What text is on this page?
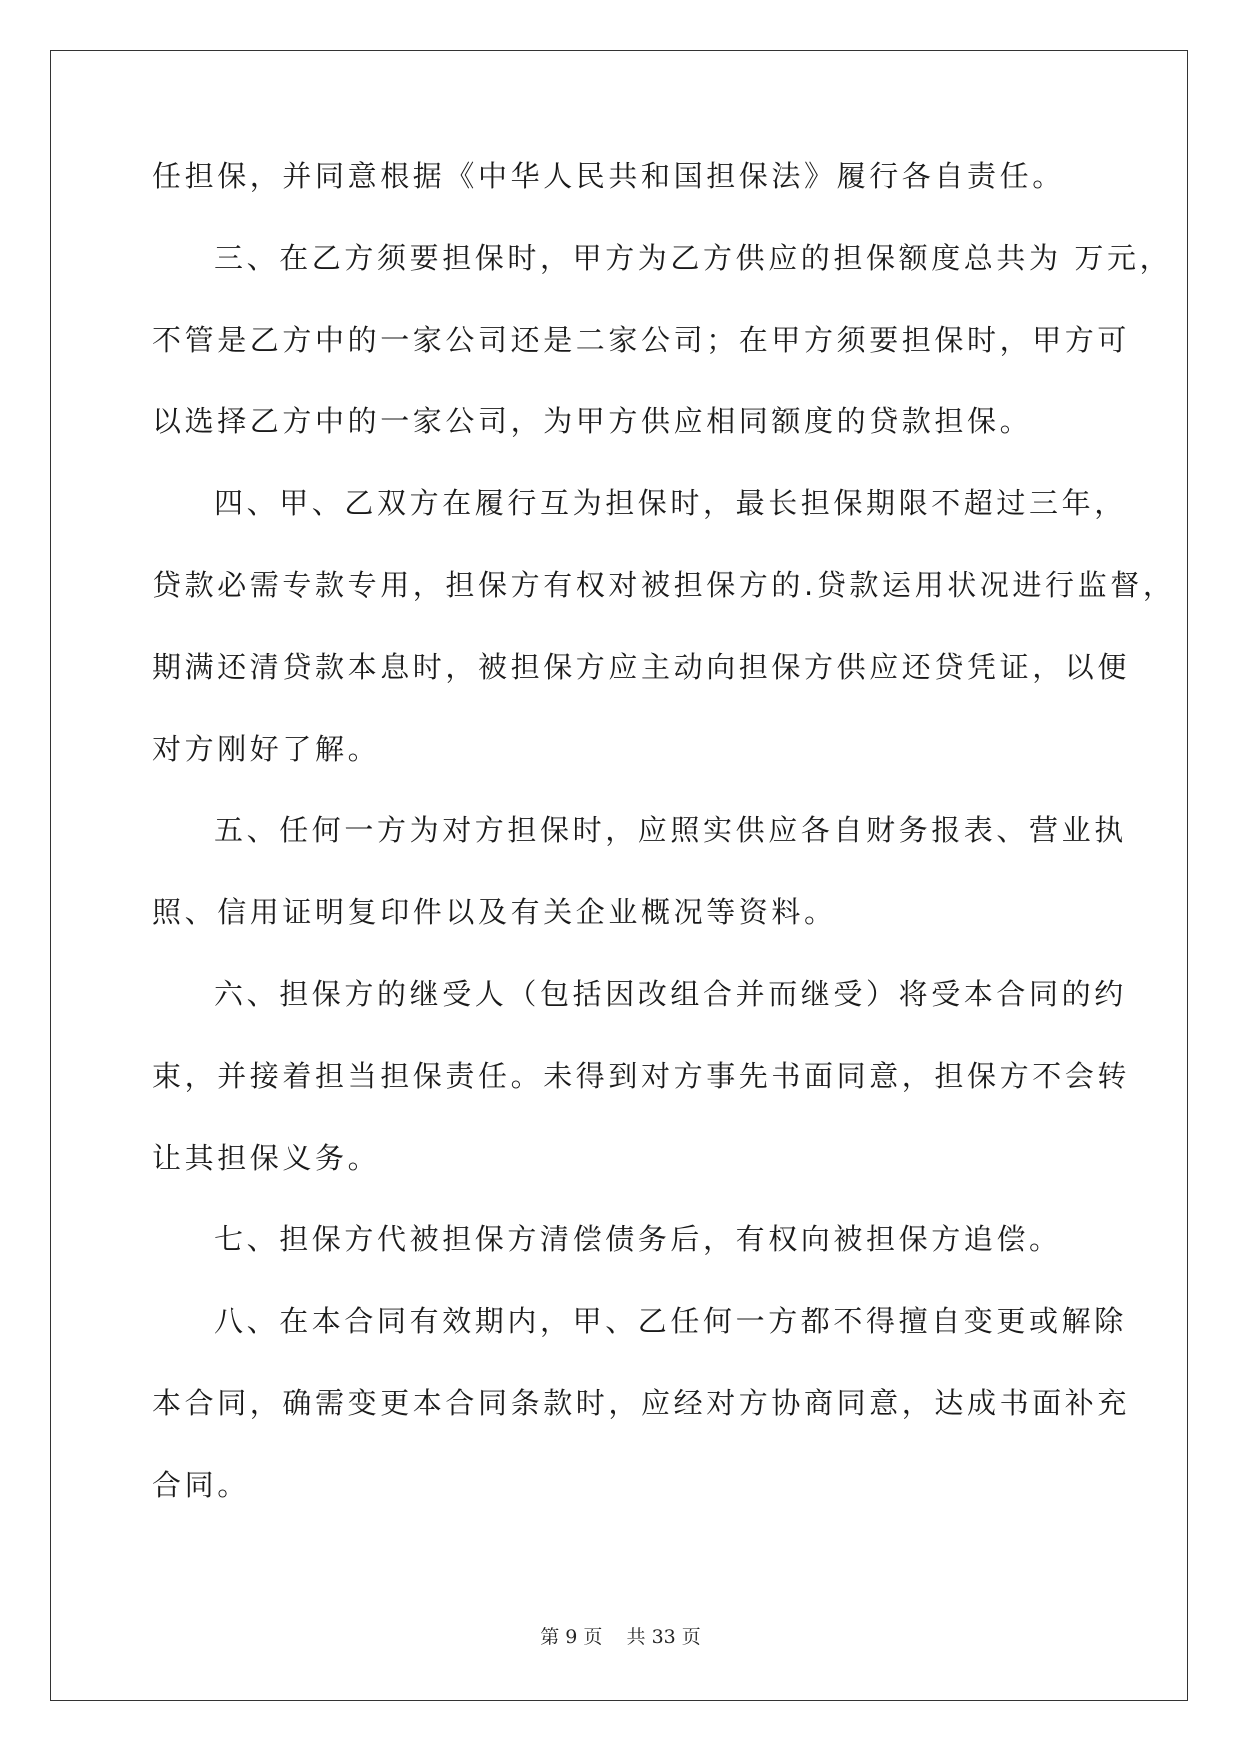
任担保，并同意根据《中华人民共和国担保法》履行各自责任。
三、在乙方须要担保时，甲方为乙方供应的担保额度总共为 万元，
不管是乙方中的一家公司还是二家公司；在甲方须要担保时，甲方可
以选择乙方中的一家公司，为甲方供应相同额度的贷款担保。
四、甲、乙双方在履行互为担保时，最长担保期限不超过三年，
贷款必需专款专用，担保方有权对被担保方的.贷款运用状况进行监督，
期满还清贷款本息时，被担保方应主动向担保方供应还贷凭证，以便
对方刚好了解。
五、任何一方为对方担保时，应照实供应各自财务报表、营业执
照、信用证明复印件以及有关企业概况等资料。
六、担保方的继受人（包括因改组合并而继受）将受本合同的约
束，并接着担当担保责任。未得到对方事先书面同意，担保方不会转
让其担保义务。
七、担保方代被担保方清偿债务后，有权向被担保方追偿。
八、在本合同有效期内，甲、乙任何一方都不得擅自变更或解除
本合同，确需变更本合同条款时，应经对方协商同意，达成书面补充
合同。
第 9 页    共 33 页
